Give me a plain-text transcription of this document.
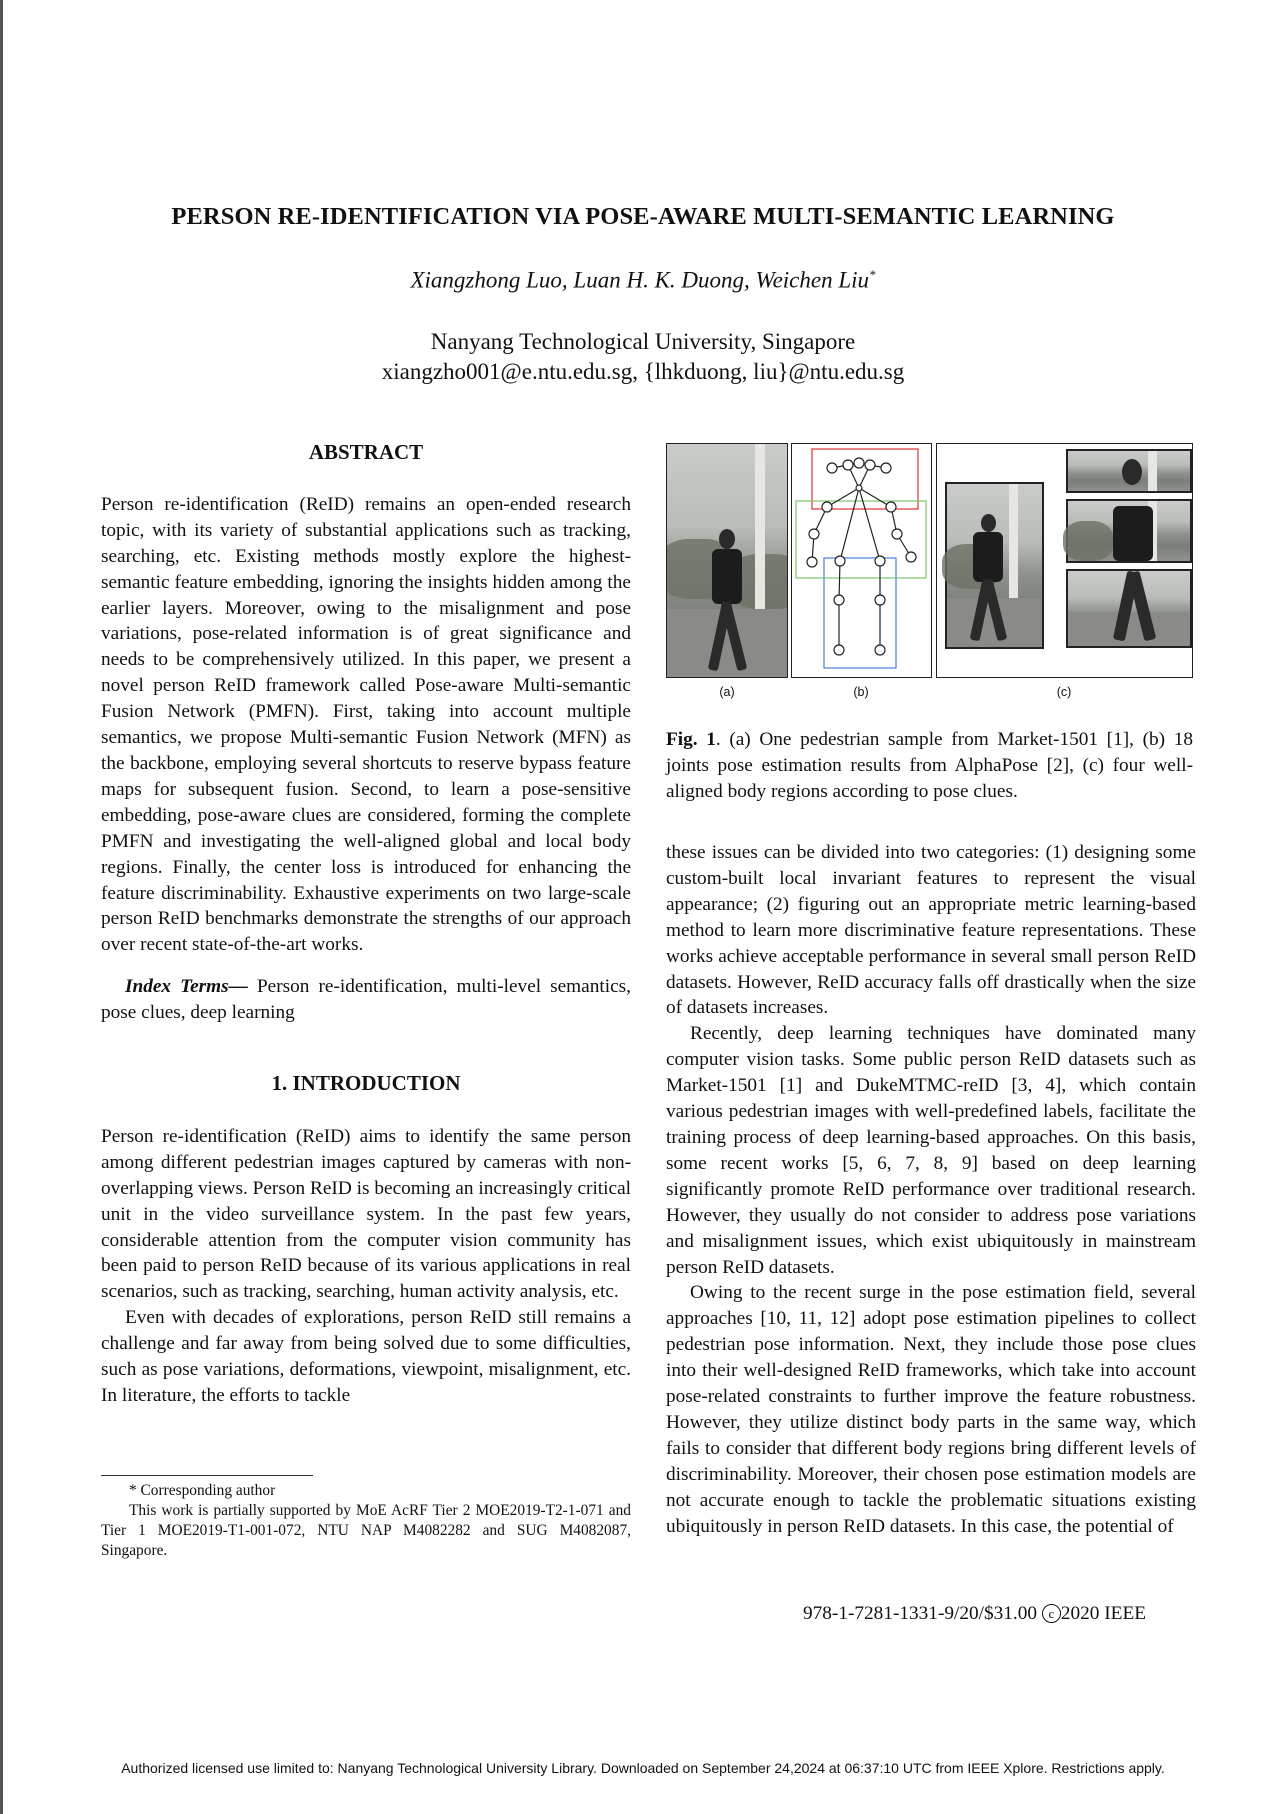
PERSON RE-IDENTIFICATION VIA POSE-AWARE MULTI-SEMANTIC LEARNING
Xiangzhong Luo, Luan H. K. Duong, Weichen Liu*
Nanyang Technological University, Singapore
xiangzho001@e.ntu.edu.sg, {lhkduong, liu}@ntu.edu.sg
ABSTRACT

Person re-identification (ReID) remains an open-ended research topic, with its variety of substantial applications such as tracking, searching, etc. Existing methods mostly explore the highest-semantic feature embedding, ignoring the insights hidden among the earlier layers. Moreover, owing to the misalignment and pose variations, pose-related information is of great significance and needs to be comprehensively utilized. In this paper, we present a novel person ReID framework called Pose-aware Multi-semantic Fusion Network (PMFN). First, taking into account multiple semantics, we propose Multi-semantic Fusion Network (MFN) as the backbone, employing several shortcuts to reserve bypass feature maps for subsequent fusion. Second, to learn a pose-sensitive embedding, pose-aware clues are considered, forming the complete PMFN and investigating the well-aligned global and local body regions. Finally, the center loss is introduced for enhancing the feature discriminability. Exhaustive experiments on two large-scale person ReID benchmarks demonstrate the strengths of our approach over recent state-of-the-art works.

Index Terms— Person re-identification, multi-level semantics, pose clues, deep learning

1. INTRODUCTION

Person re-identification (ReID) aims to identify the same person among different pedestrian images captured by cameras with non-overlapping views. Person ReID is becoming an increasingly critical unit in the video surveillance system. In the past few years, considerable attention from the computer vision community has been paid to person ReID because of its various applications in real scenarios, such as tracking, searching, human activity analysis, etc.

Even with decades of explorations, person ReID still remains a challenge and far away from being solved due to some difficulties, such as pose variations, deformations, viewpoint, misalignment, etc. In literature, the efforts to tackle

* Corresponding author

This work is partially supported by MoE AcRF Tier 2 MOE2019-T2-1-071 and Tier 1 MOE2019-T1-001-072, NTU NAP M4082282 and SUG M4082087, Singapore.

(a)	(b)	(c)
Fig. 1. (a) One pedestrian sample from Market-1501 [1], (b) 18 joints pose estimation results from AlphaPose [2], (c) four well-aligned body regions according to pose clues.

these issues can be divided into two categories: (1) designing some custom-built local invariant features to represent the visual appearance; (2) figuring out an appropriate metric learning-based method to learn more discriminative feature representations. These works achieve acceptable performance in several small person ReID datasets. However, ReID accuracy falls off drastically when the size of datasets increases.

Recently, deep learning techniques have dominated many computer vision tasks. Some public person ReID datasets such as Market-1501 [1] and DukeMTMC-reID [3, 4], which contain various pedestrian images with well-predefined labels, facilitate the training process of deep learning-based approaches. On this basis, some recent works [5, 6, 7, 8, 9] based on deep learning significantly promote ReID performance over traditional research. However, they usually do not consider to address pose variations and misalignment issues, which exist ubiquitously in mainstream person ReID datasets.

Owing to the recent surge in the pose estimation field, several approaches [10, 11, 12] adopt pose estimation pipelines to collect pedestrian pose information. Next, they include those pose clues into their well-designed ReID frameworks, which take into account pose-related constraints to further improve the feature robustness. However, they utilize distinct body parts in the same way, which fails to consider that different body regions bring different levels of discriminability. Moreover, their chosen pose estimation models are not accurate enough to tackle the problematic situations existing ubiquitously in person ReID datasets. In this case, the potential of

978-1-7281-1331-9/20/$31.00 c 2020 IEEE
Authorized licensed use limited to: Nanyang Technological University Library. Downloaded on September 24,2024 at 06:37:10 UTC from IEEE Xplore. Restrictions apply.
